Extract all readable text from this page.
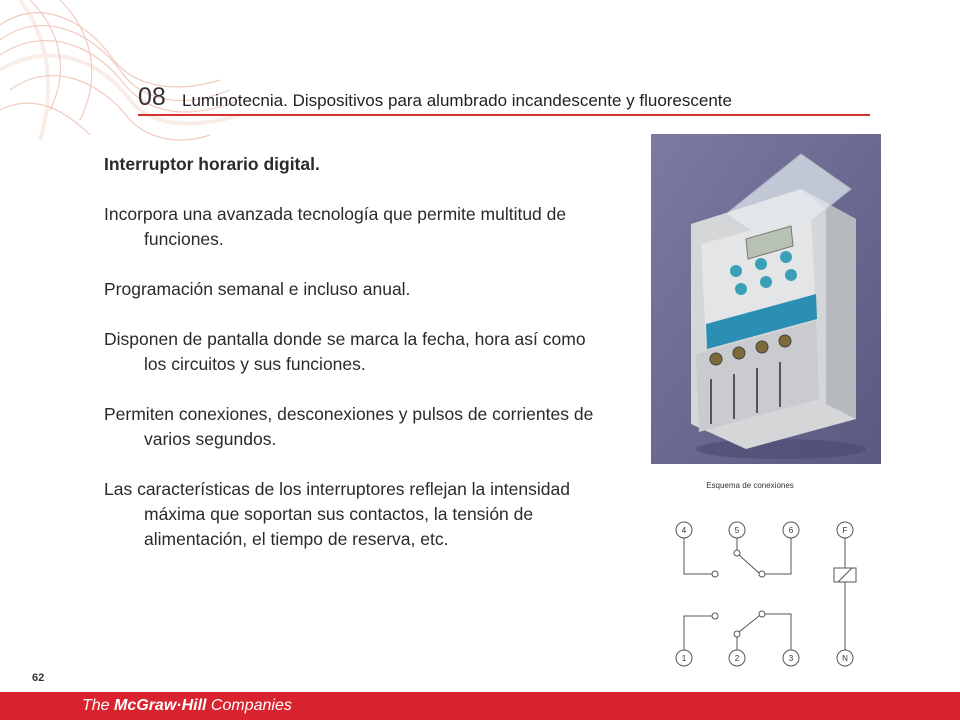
08 Luminotecnia. Dispositivos para alumbrado incandescente y fluorescente

Interruptor horario digital.

Incorpora una avanzada tecnología que permite multitud de funciones.

Programación semanal e incluso anual.

Disponen de pantalla donde se marca la fecha, hora así como los circuitos y sus funciones.

Permiten conexiones, desconexiones y pulsos de corrientes de varios segundos.

Las características de los interruptores reflejan la intensidad máxima que soportan sus contactos, la tensión de alimentación, el tiempo de reserva, etc.

Esquema de conexiones
4	5	6	F
1	2	3	N
62
The McGraw·Hill Companies
